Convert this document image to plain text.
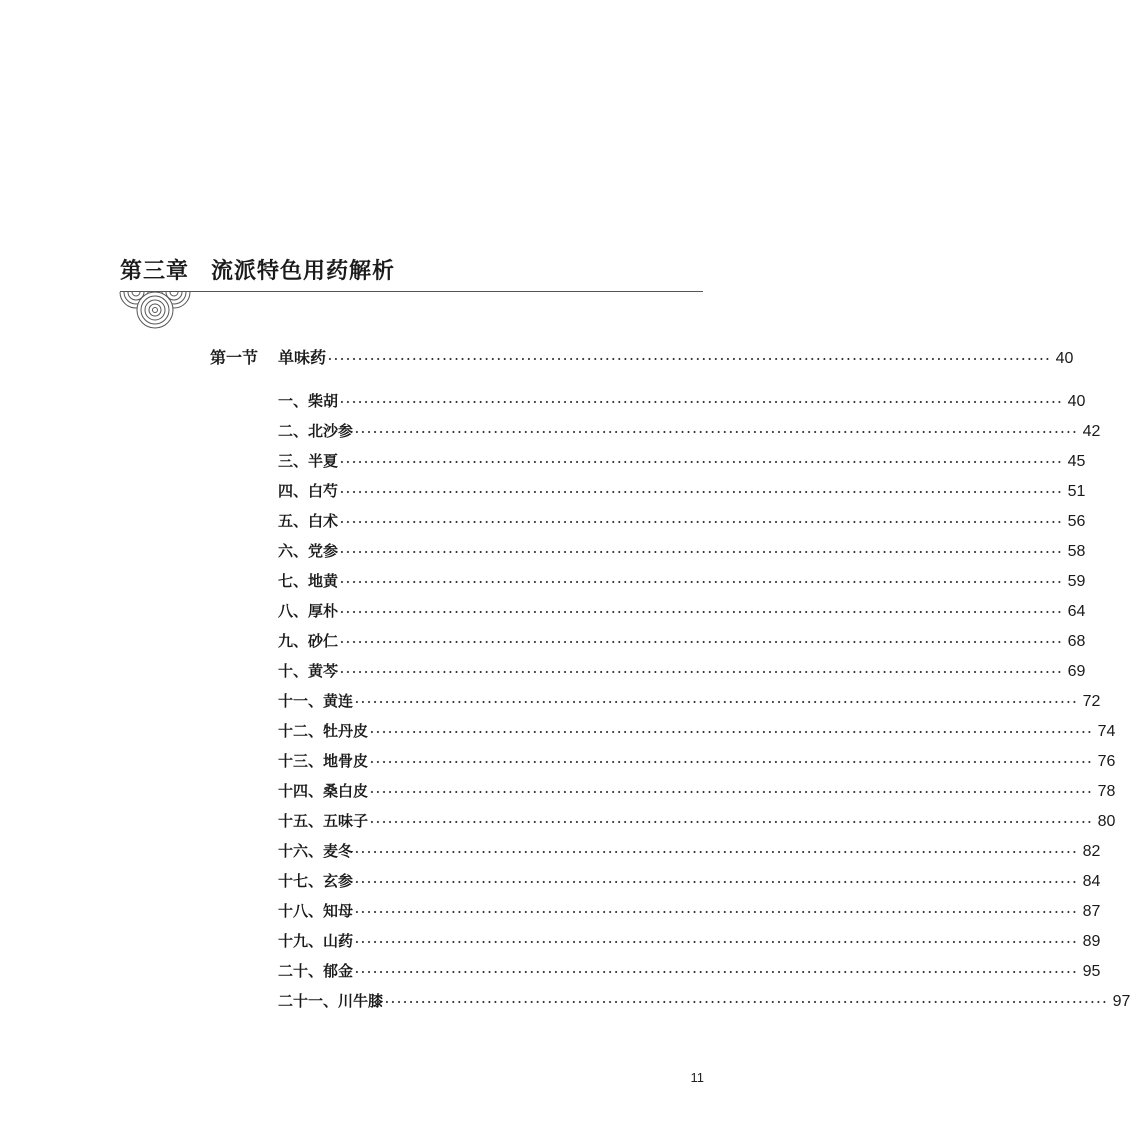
第三章 流派特色用药解析
第一节 单味药 ························································································································ 40
一、柴胡 ························································································································ 40
二、北沙参 ························································································································ 42
三、半夏 ························································································································ 45
四、白芍 ························································································································ 51
五、白术 ························································································································ 56
六、党参 ························································································································ 58
七、地黄 ························································································································ 59
八、厚朴 ························································································································ 64
九、砂仁 ························································································································ 68
十、黄芩 ························································································································ 69
十一、黄连 ························································································································ 72
十二、牡丹皮 ························································································································ 74
十三、地骨皮 ························································································································ 76
十四、桑白皮 ························································································································ 78
十五、五味子 ························································································································ 80
十六、麦冬 ························································································································ 82
十七、玄参 ························································································································ 84
十八、知母 ························································································································ 87
十九、山药 ························································································································ 89
二十、郁金 ························································································································ 95
二十一、川牛膝 ························································································································ 97
11
